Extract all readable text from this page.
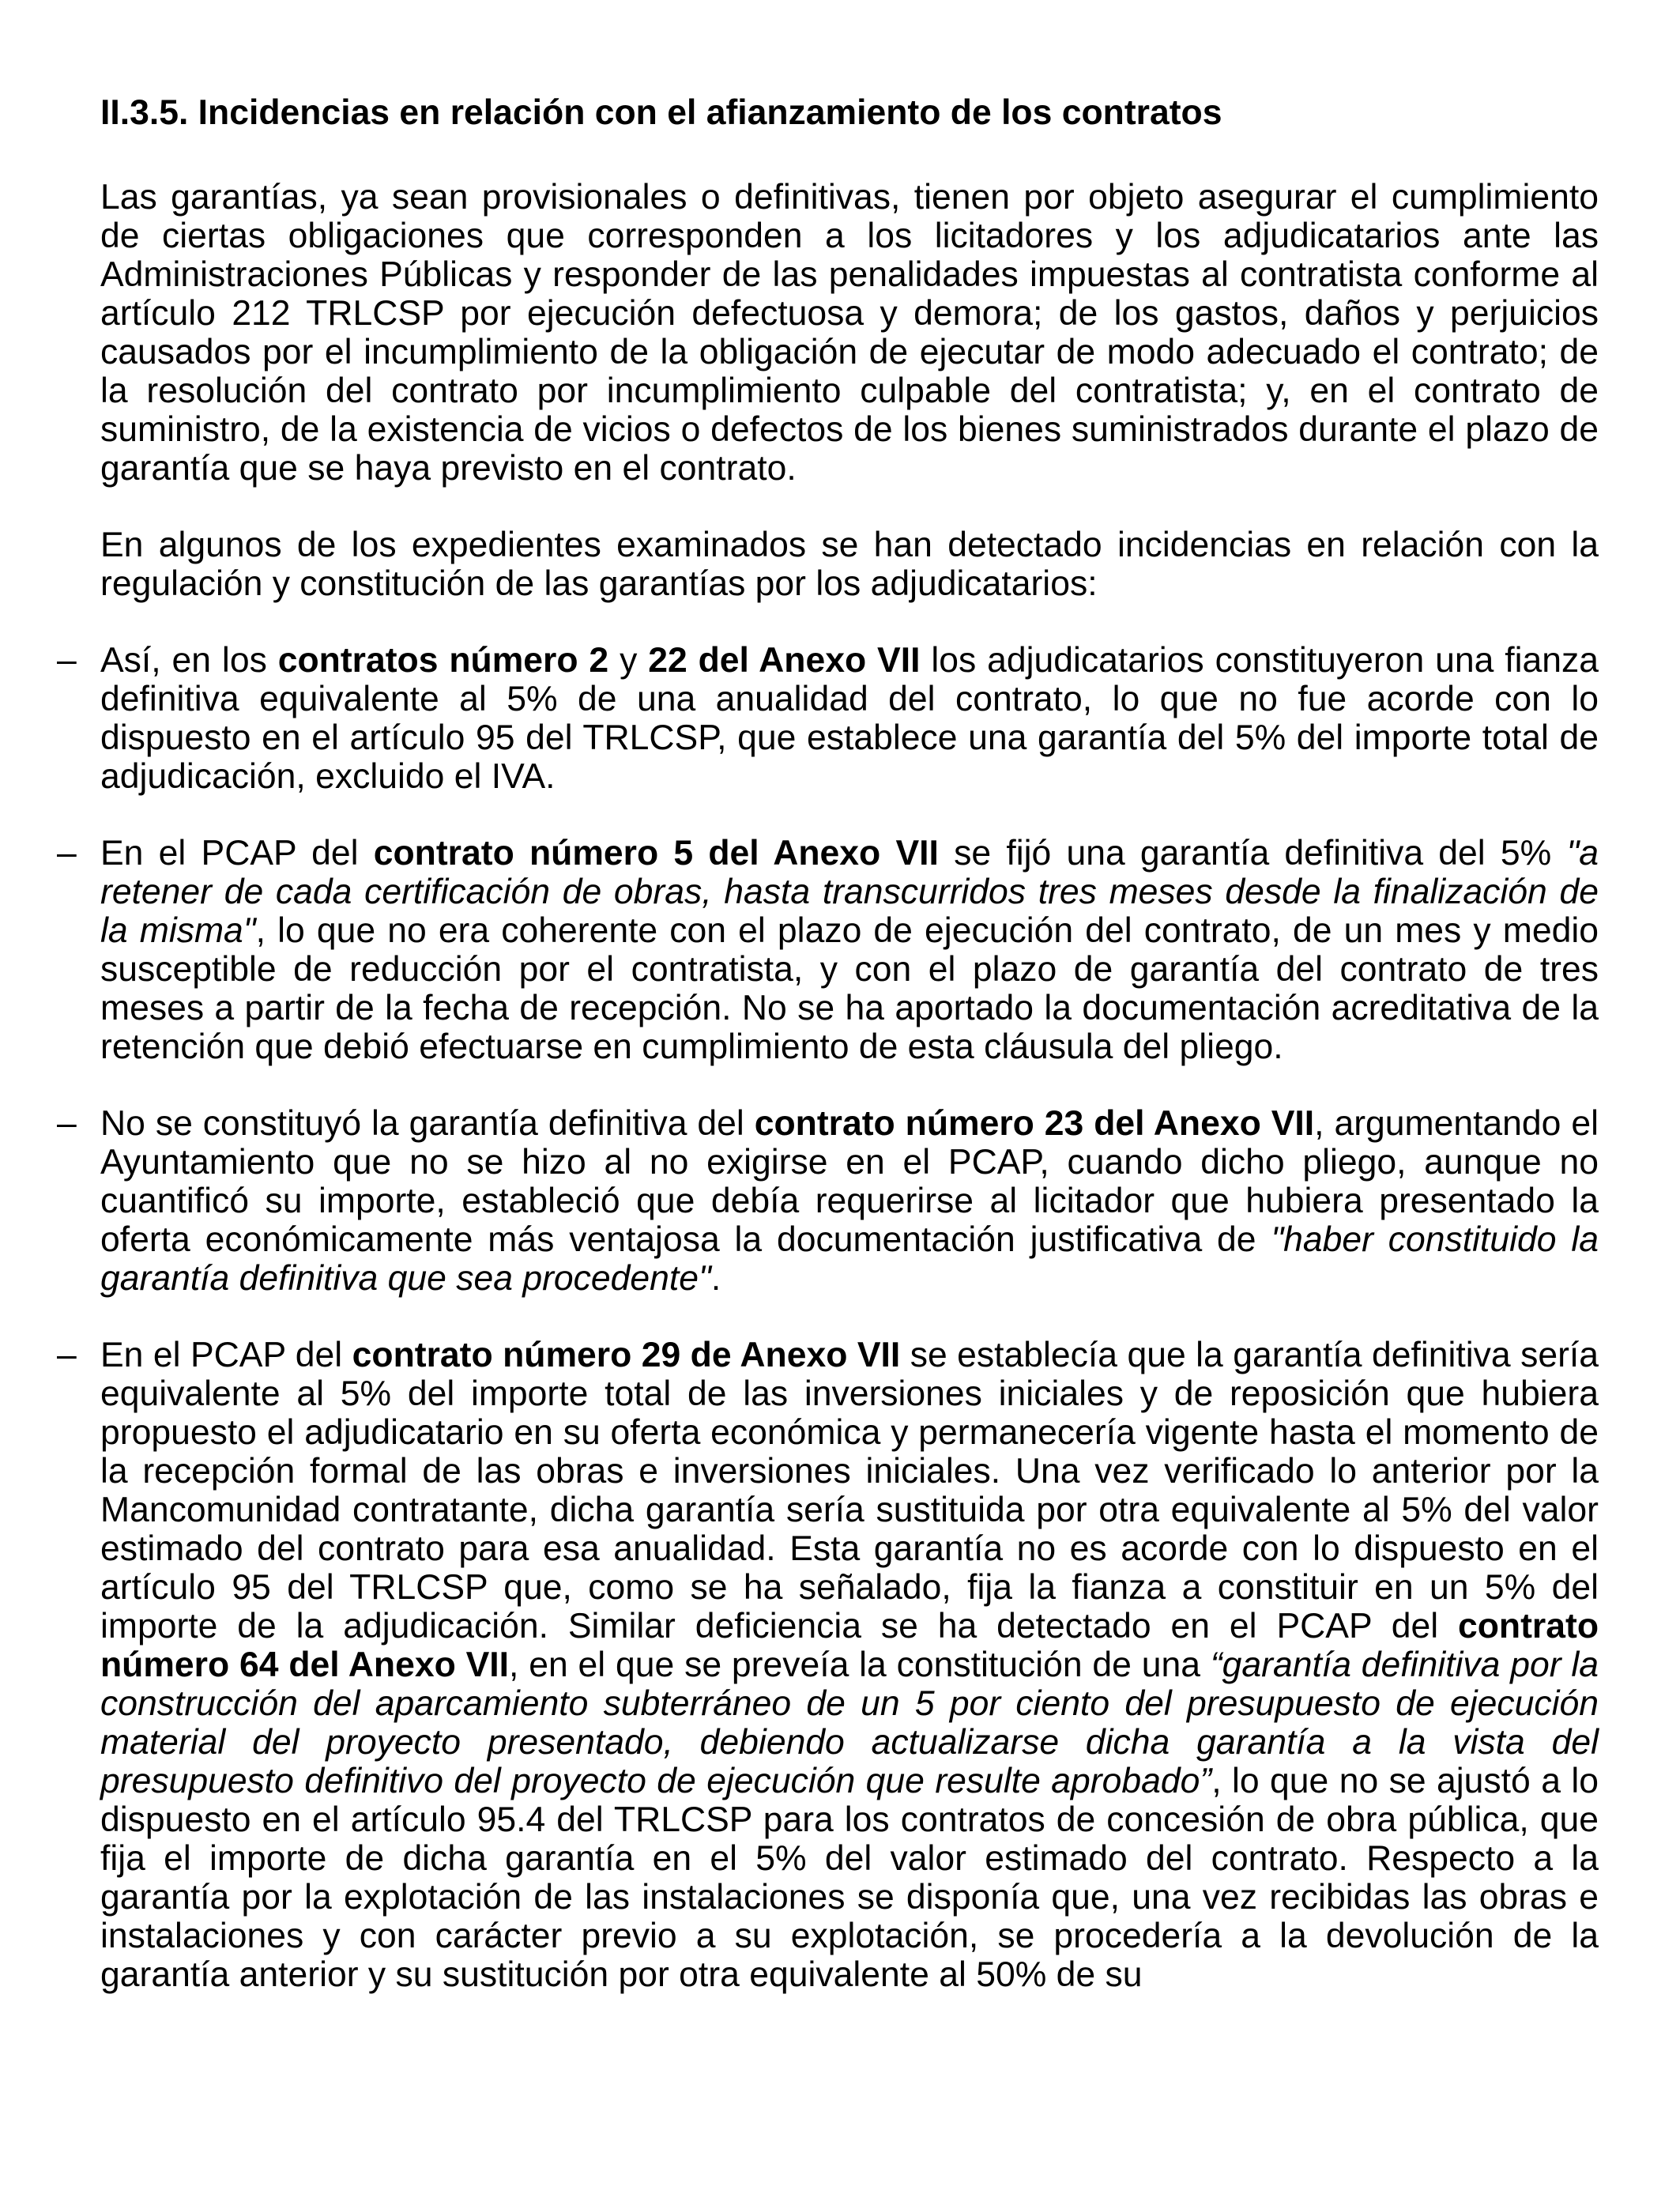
II.3.5. Incidencias en relación con el afianzamiento de los contratos

Las garantías, ya sean provisionales o definitivas, tienen por objeto asegurar el cumplimiento de ciertas obligaciones que corresponden a los licitadores y los adjudicatarios ante las Administraciones Públicas y responder de las penalidades impuestas al contratista conforme al artículo 212 TRLCSP por ejecución defectuosa y demora; de los gastos, daños y perjuicios causados por el incumplimiento de la obligación de ejecutar de modo adecuado el contrato; de la resolución del contrato por incumplimiento culpable del contratista; y, en el contrato de suministro, de la existencia de vicios o defectos de los bienes suministrados durante el plazo de garantía que se haya previsto en el contrato.

En algunos de los expedientes examinados se han detectado incidencias en relación con la regulación y constitución de las garantías por los adjudicatarios:

– Así, en los contratos número 2 y 22 del Anexo VII los adjudicatarios constituyeron una fianza definitiva equivalente al 5% de una anualidad del contrato, lo que no fue acorde con lo dispuesto en el artículo 95 del TRLCSP, que establece una garantía del 5% del importe total de adjudicación, excluido el IVA.
– En el PCAP del contrato número 5 del Anexo VII se fijó una garantía definitiva del 5% "a retener de cada certificación de obras, hasta transcurridos tres meses desde la finalización de la misma", lo que no era coherente con el plazo de ejecución del contrato, de un mes y medio susceptible de reducción por el contratista, y con el plazo de garantía del contrato de tres meses a partir de la fecha de recepción. No se ha aportado la documentación acreditativa de la retención que debió efectuarse en cumplimiento de esta cláusula del pliego.
– No se constituyó la garantía definitiva del contrato número 23 del Anexo VII, argumentando el Ayuntamiento que no se hizo al no exigirse en el PCAP, cuando dicho pliego, aunque no cuantificó su importe, estableció que debía requerirse al licitador que hubiera presentado la oferta económicamente más ventajosa la documentación justificativa de "haber constituido la garantía definitiva que sea procedente".
– En el PCAP del contrato número 29 de Anexo VII se establecía que la garantía definitiva sería equivalente al 5% del importe total de las inversiones iniciales y de reposición que hubiera propuesto el adjudicatario en su oferta económica y permanecería vigente hasta el momento de la recepción formal de las obras e inversiones iniciales. Una vez verificado lo anterior por la Mancomunidad contratante, dicha garantía sería sustituida por otra equivalente al 5% del valor estimado del contrato para esa anualidad. Esta garantía no es acorde con lo dispuesto en el artículo 95 del TRLCSP que, como se ha señalado, fija la fianza a constituir en un 5% del importe de la adjudicación. Similar deficiencia se ha detectado en el PCAP del contrato número 64 del Anexo VII, en el que se preveía la constitución de una “garantía definitiva por la construcción del aparcamiento subterráneo de un 5 por ciento del presupuesto de ejecución material del proyecto presentado, debiendo actualizarse dicha garantía a la vista del presupuesto definitivo del proyecto de ejecución que resulte aprobado”, lo que no se ajustó a lo dispuesto en el artículo 95.4 del TRLCSP para los contratos de concesión de obra pública, que fija el importe de dicha garantía en el 5% del valor estimado del contrato. Respecto a la garantía por la explotación de las instalaciones se disponía que, una vez recibidas las obras e instalaciones y con carácter previo a su explotación, se procedería a la devolución de la garantía anterior y su sustitución por otra equivalente al 50% de su
